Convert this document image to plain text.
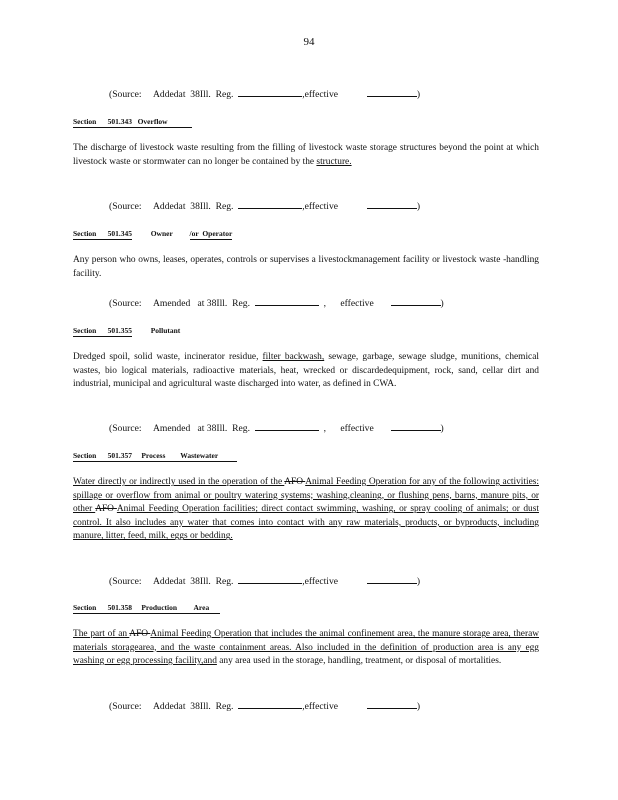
94
(Source: Addedat  38Ill.  Reg.	,effective	)
Section 501.343 Overflow
The discharge of livestock waste resulting from the filling of livestock waste storage structures beyond the point at which livestock waste or stormwater can no longer be contained by the structure.
(Source: Addedat  38Ill.  Reg.	,effective	)
Section 501.345	Owner /or  Operator
Any person who owns, leases, operates, controls or supervises a livestockmanagement facility or livestock waste -handling facility.
(Source: Amended   at 38Ill.  Reg.	, effective	)
Section 501.355	Pollutant
Dredged spoil, solid waste, incinerator residue, filter backwash, sewage, garbage, sewage sludge, munitions, chemical wastes, bio logical materials, radioactive materials, heat, wrecked or discardedequipment, rock, sand, cellar dirt and industrial, municipal and agricultural waste discharged into water, as defined in CWA.
(Source: Amended   at 38Ill.  Reg.	, effective	)
Section 501.357 Process Wastewater
Water directly or indirectly used in the operation of the AFO Animal Feeding Operation for any of the following activities: spillage or overflow from animal or poultry watering systems; washing,cleaning, or flushing pens, barns, manure pits, or other AFO Animal Feeding Operation facilities; direct contact swimming, washing, or spray cooling of animals; or dust control. It also includes any water that comes into contact with any raw materials, products, or byproducts, including manure, litter, feed, milk, eggs or bedding.
(Source: Addedat  38Ill.  Reg.	,effective	)
Section 501.358 Production Area
The part of an AFO Animal Feeding Operation that includes the animal confinement area, the manure storage area, theraw materials storagearea, and the waste containment areas. Also included in the definition of production area is any egg washing or egg processing facility,and any area used in the storage, handling, treatment, or disposal of mortalities.
(Source: Addedat  38Ill.  Reg.	,effective	)
